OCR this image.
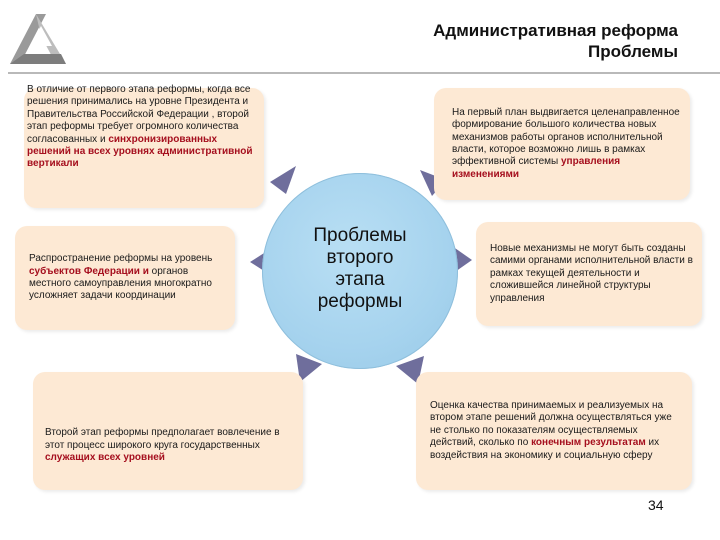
Административная реформа
Проблемы
Проблемы
второго
этапа
реформы
В отличие от первого этапа реформы, когда все решения принимались на уровне Президента и Правительства Российской Федерации , второй этап реформы требует огромного количества согласованных и синхронизированных решений на всех уровнях административной вертикали
Распространение реформы на уровень субъектов Федерации и органов местного самоуправления многократно усложняет задачи координации
Второй этап реформы предполагает вовлечение в этот процесс широкого круга государственных служащих всех уровней
На первый план выдвигается целенаправленное формирование большого количества новых механизмов работы органов исполнительной власти, которое возможно лишь в рамках эффективной системы управления изменениями
Новые механизмы не могут быть созданы самими органами исполнительной власти в рамках текущей деятельности и сложившейся линейной структуры управления
Оценка качества принимаемых и реализуемых на втором этапе решений должна осуществляться уже не столько по показателям осуществляемых действий, сколько по конечным результатам их воздействия на экономику и социальную сферу
34
